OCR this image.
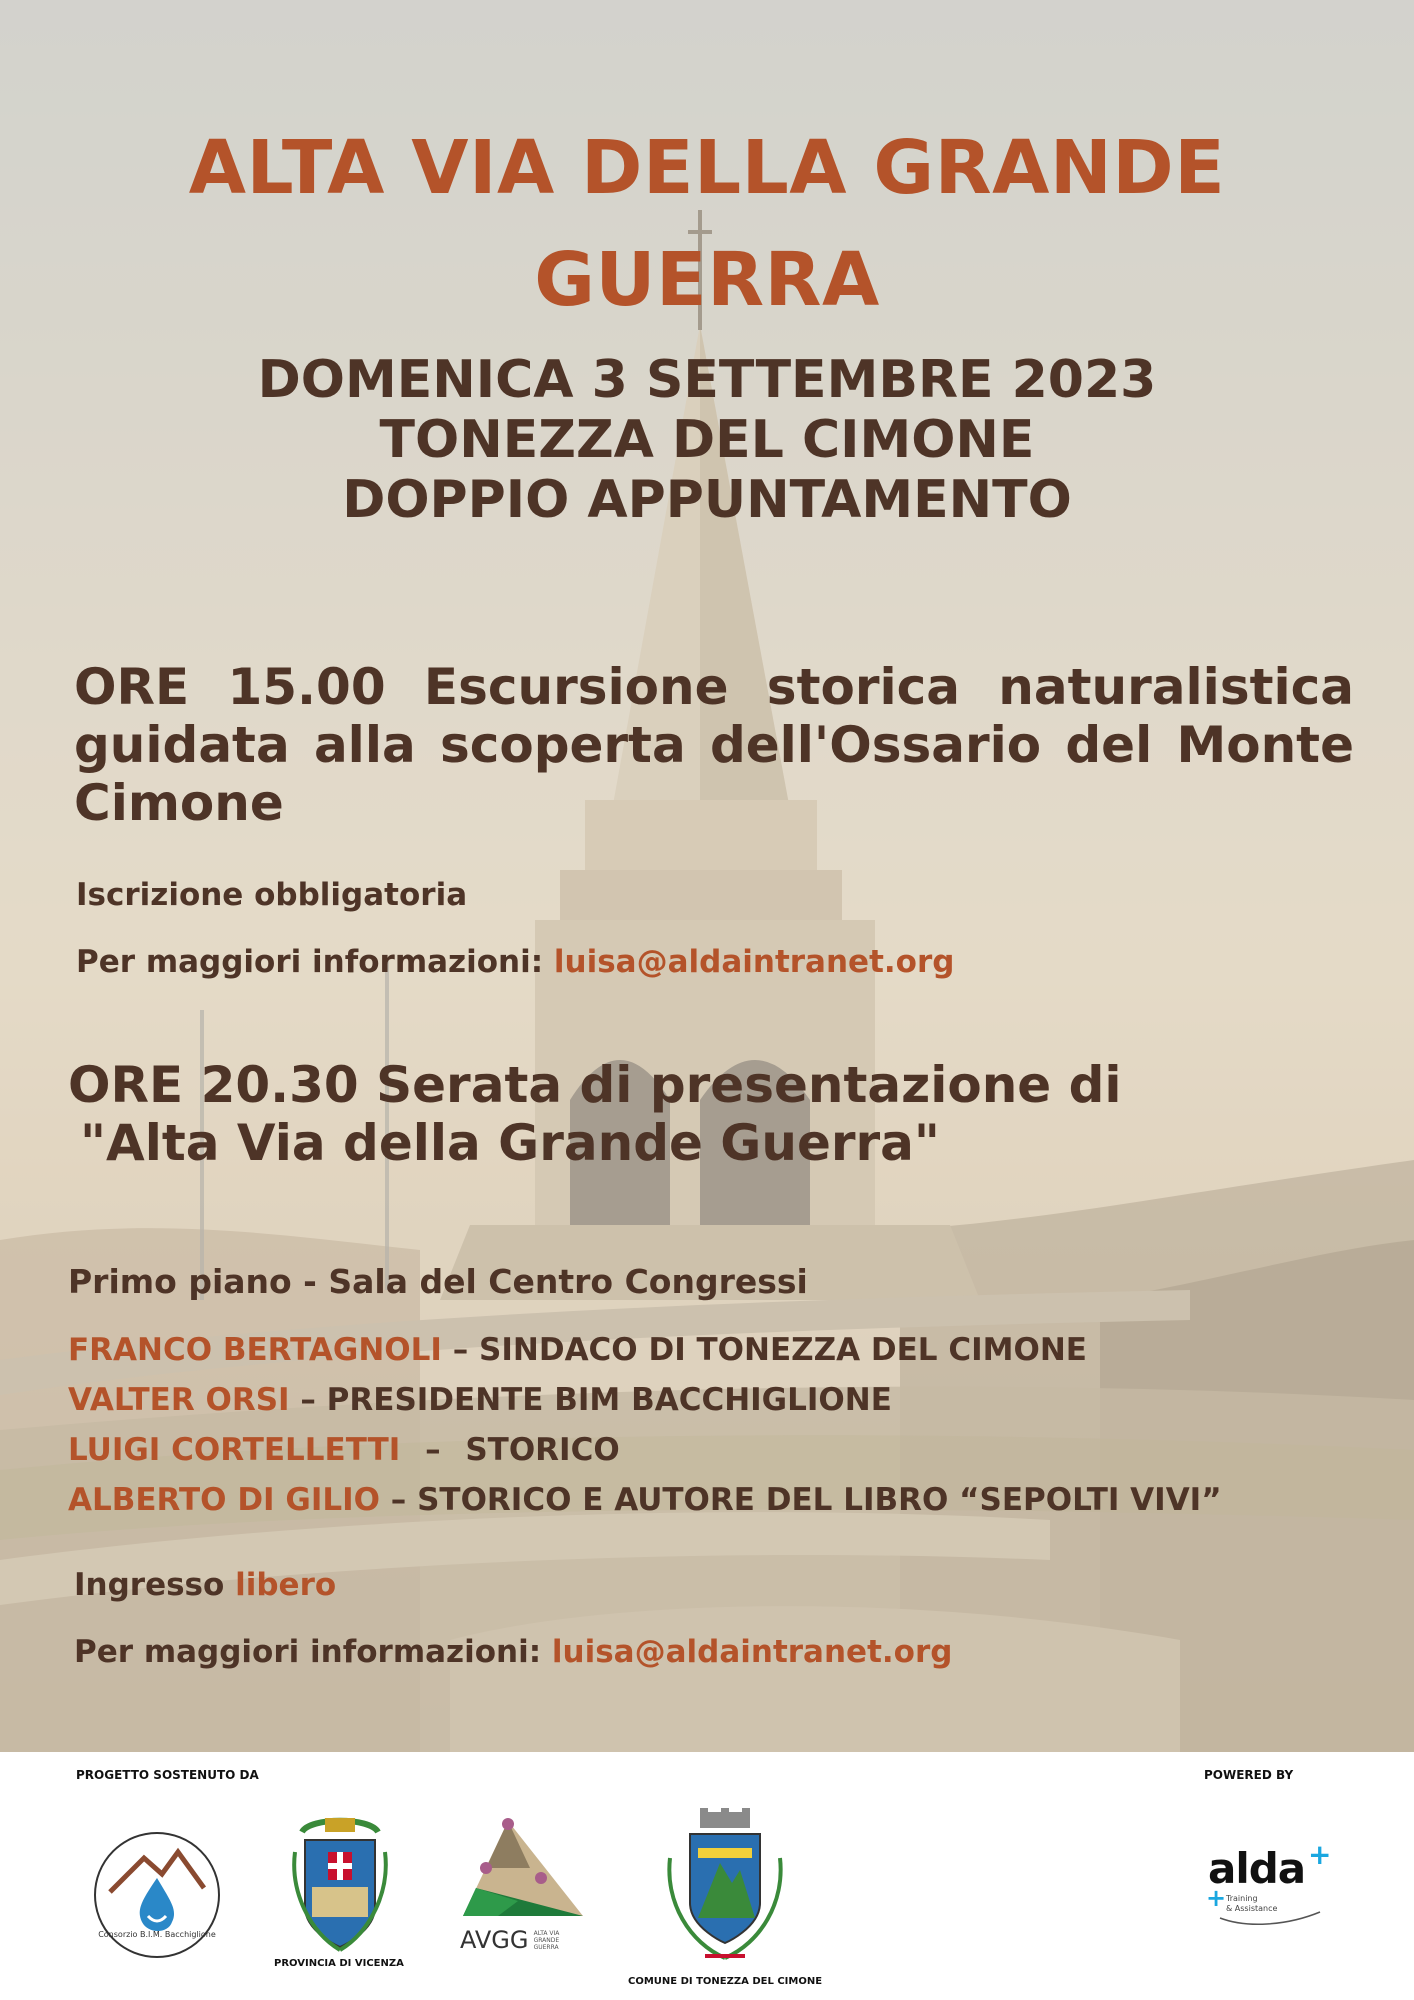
ALTA VIA DELLA GRANDE
GUERRA
DOMENICA 3 SETTEMBRE 2023
TONEZZA DEL CIMONE
DOPPIO APPUNTAMENTO
ORE 15.00 Escursione storica naturalistica guidata alla scoperta dell'Ossario del Monte Cimone
Iscrizione obbligatoria
Per maggiori informazioni: luisa@aldaintranet.org
ORE 20.30 Serata di presentazione di
"Alta Via della Grande Guerra"
Primo piano - Sala del Centro Congressi
FRANCO BERTAGNOLI – SINDACO DI TONEZZA DEL CIMONE
VALTER ORSI – PRESIDENTE BIM BACCHIGLIONE
LUIGI CORTELLETTI – STORICO
ALBERTO DI GILIO – STORICO E AUTORE DEL LIBRO “SEPOLTI VIVI”
Ingresso libero
Per maggiori informazioni: luisa@aldaintranet.org
PROGETTO SOSTENUTO DA	POWERED BY
Consorzio B.I.M. Bacchiglione
PROVINCIA DI VICENZA
AVGG ALTA VIA
GRANDE
GUERRA
COMUNE DI TONEZZA DEL CIMONE
alda +
+ Training
& Assistance
